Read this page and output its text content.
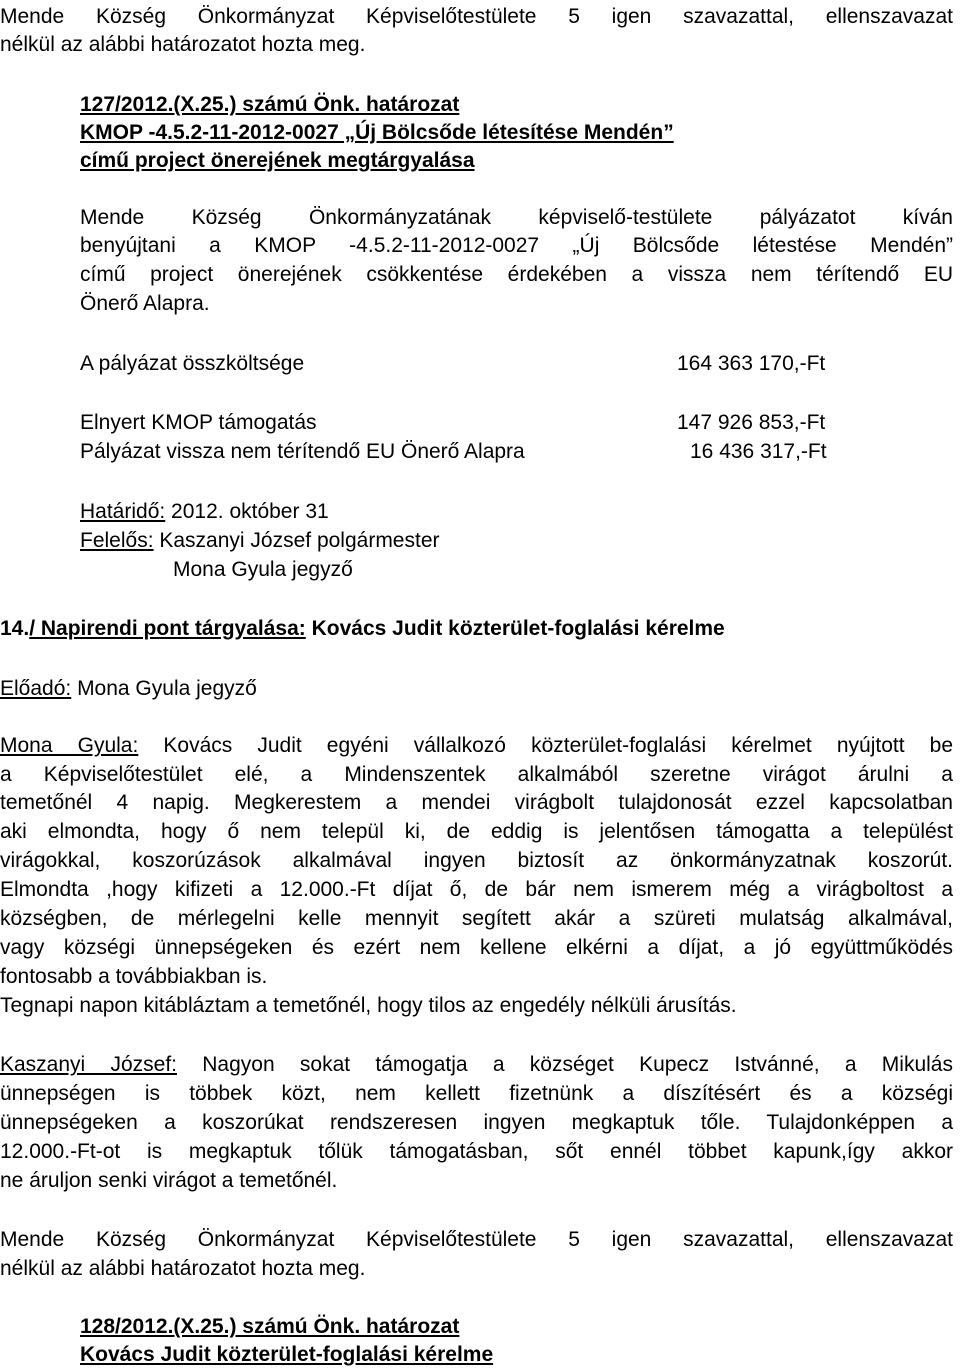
Mende Község Önkormányzat Képviselőtestülete 5 igen szavazattal, ellenszavazat
nélkül az alábbi határozatot hozta meg.
127/2012.(X.25.) számú Önk. határozat
KMOP -4.5.2-11-2012-0027 „Új Bölcsőde létesítése Mendén”
című project önerejének megtárgyalása
Mende Község Önkormányzatának képviselő-testülete pályázatot kíván
benyújtani a KMOP -4.5.2-11-2012-0027 „Új Bölcsőde létestése Mendén”
című project önerejének csökkentése érdekében a vissza nem térítendő EU
Önerő Alapra.
A pályázat összköltsége	164 363 170,-Ft
Elnyert KMOP támogatás	147 926 853,-Ft
Pályázat vissza nem térítendő EU Önerő Alapra	16 436 317,-Ft
Határidő: 2012. október 31
Felelős: Kaszanyi József polgármester
Mona Gyula jegyző
14./ Napirendi pont tárgyalása: Kovács Judit közterület-foglalási kérelme
Előadó: Mona Gyula jegyző
Mona Gyula: Kovács Judit egyéni vállalkozó közterület-foglalási kérelmet nyújtott be
a Képviselőtestület elé, a Mindenszentek alkalmából szeretne virágot árulni a
temetőnél 4 napig. Megkerestem a mendei virágbolt tulajdonosát ezzel kapcsolatban
aki elmondta, hogy ő nem települ ki, de eddig is jelentősen támogatta a települést
virágokkal, koszorúzások alkalmával ingyen biztosít az önkormányzatnak koszorút.
Elmondta ,hogy kifizeti a 12.000.-Ft díjat ő, de bár nem ismerem még a virágboltost a
községben, de mérlegelni kelle mennyit segített akár a szüreti mulatság alkalmával,
vagy községi ünnepségeken és ezért nem kellene elkérni a díjat, a jó együttműködés
fontosabb a továbbiakban is.
Tegnapi napon kitábláztam a temetőnél, hogy tilos az engedély nélküli árusítás.
Kaszanyi József: Nagyon sokat támogatja a községet Kupecz Istvánné, a Mikulás
ünnepségen is többek közt, nem kellett fizetnünk a díszítésért és a községi
ünnepségeken a koszorúkat rendszeresen ingyen megkaptuk tőle. Tulajdonképpen a
12.000.-Ft-ot is megkaptuk tőlük támogatásban, sőt ennél többet kapunk,így akkor
ne áruljon senki virágot a temetőnél.
Mende Község Önkormányzat Képviselőtestülete 5 igen szavazattal, ellenszavazat
nélkül az alábbi határozatot hozta meg.
128/2012.(X.25.) számú Önk. határozat
Kovács Judit közterület-foglalási kérelme
